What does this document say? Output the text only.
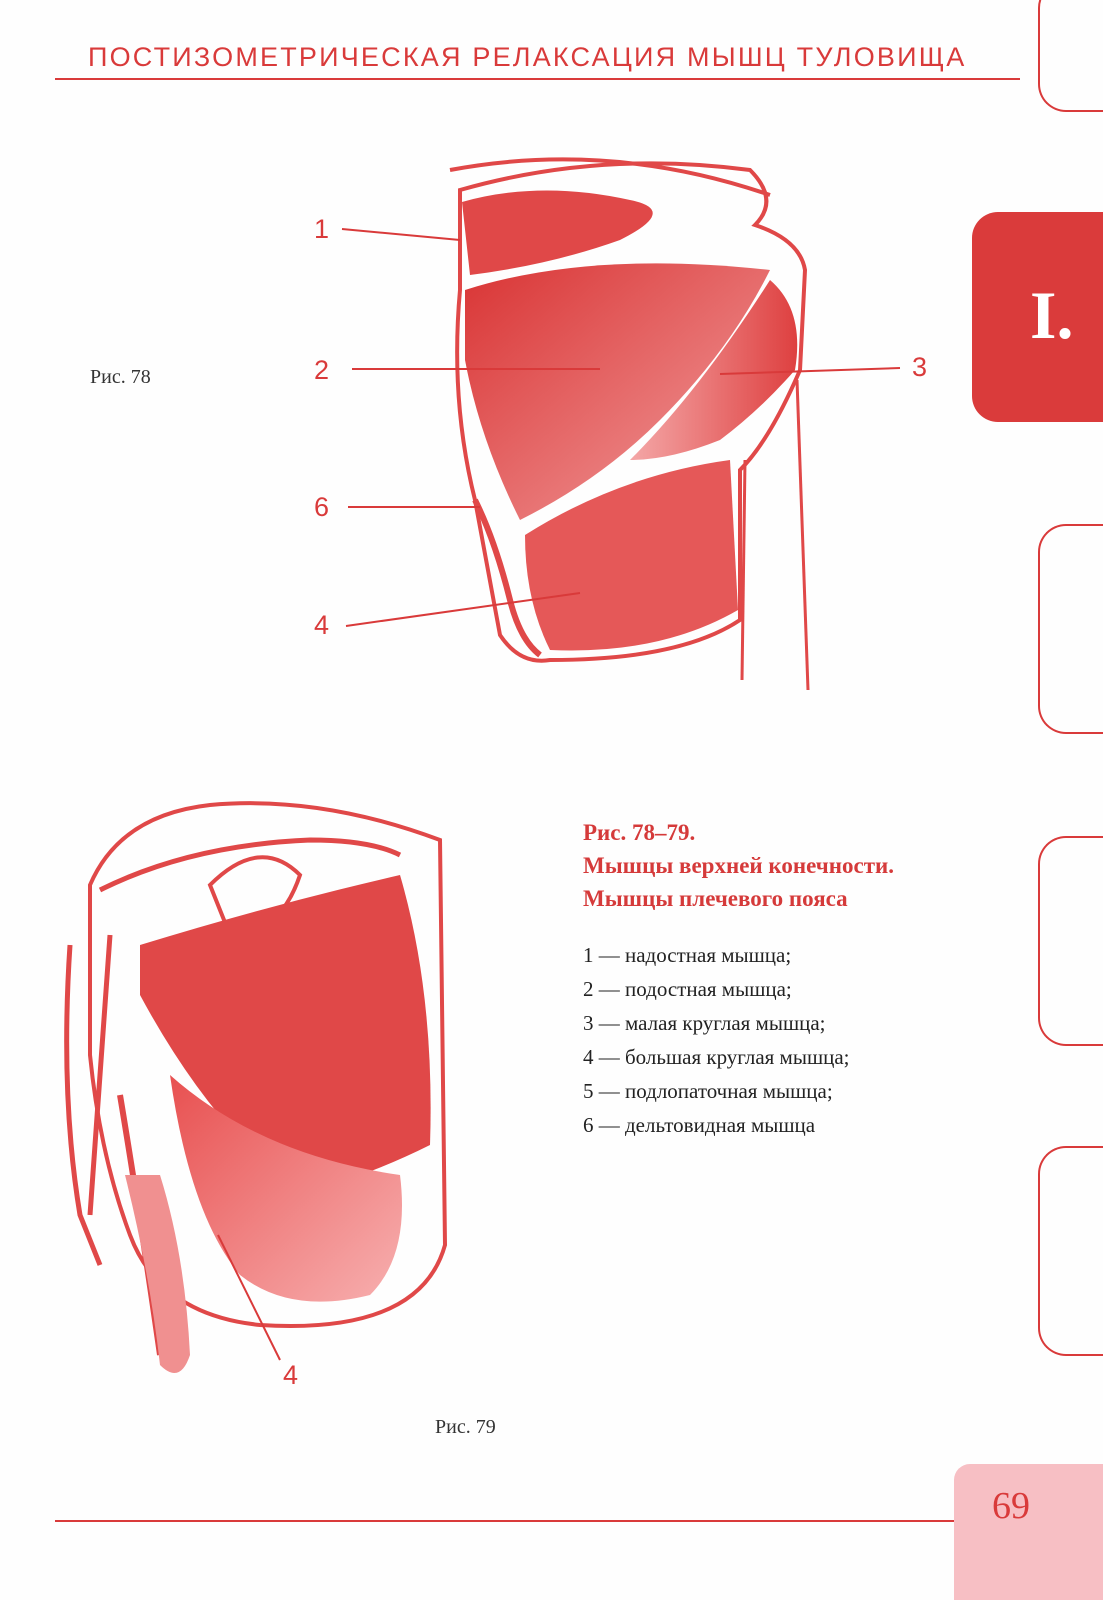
ПОСТИЗОМЕТРИЧЕСКАЯ РЕЛАКСАЦИЯ МЫШЦ ТУЛОВИЩА
I.
1
2	3
6
4
Рис. 78
4
Рис. 79
Рис. 78–79.
Мышцы верхней конечности.
Мышцы плечевого пояса
1 — надостная мышца;
2 — подостная мышца;
3 — малая круглая мышца;
4 — большая круглая мышца;
5 — подлопаточная мышца;
6 — дельтовидная мышца
69
